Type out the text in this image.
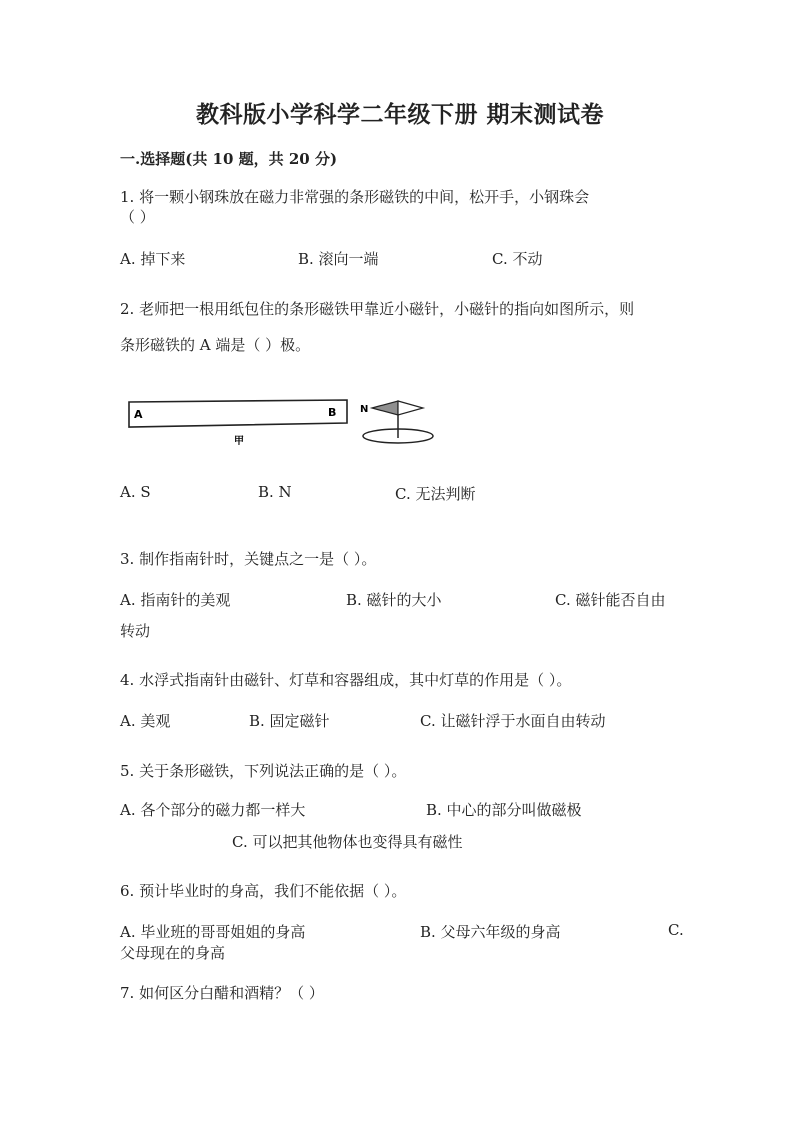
教科版小学科学二年级下册 期末测试卷
一.选择题(共 10 题，共 20 分)
1. 将一颗小钢珠放在磁力非常强的条形磁铁的中间，松开手，小钢珠会
（ ）
A. 掉下来	B. 滚向一端	C. 不动
2. 老师把一根用纸包住的条形磁铁甲靠近小磁针，小磁针的指向如图所示，则
条形磁铁的 A 端是（ ）极。
A	B
甲
N
A. S	B. N	C. 无法判断
3. 制作指南针时，关键点之一是（ ）。
A. 指南针的美观	B. 磁针的大小	C. 磁针能否自由
转动
4. 水浮式指南针由磁针、灯草和容器组成，其中灯草的作用是（ ）。
A. 美观	B. 固定磁针	C. 让磁针浮于水面自由转动
5. 关于条形磁铁，下列说法正确的是（ ）。
A. 各个部分的磁力都一样大	B. 中心的部分叫做磁极
C. 可以把其他物体也变得具有磁性
6. 预计毕业时的身高，我们不能依据（ ）。
A. 毕业班的哥哥姐姐的身高	B. 父母六年级的身高	C.
父母现在的身高
7. 如何区分白醋和酒精？（ ）
